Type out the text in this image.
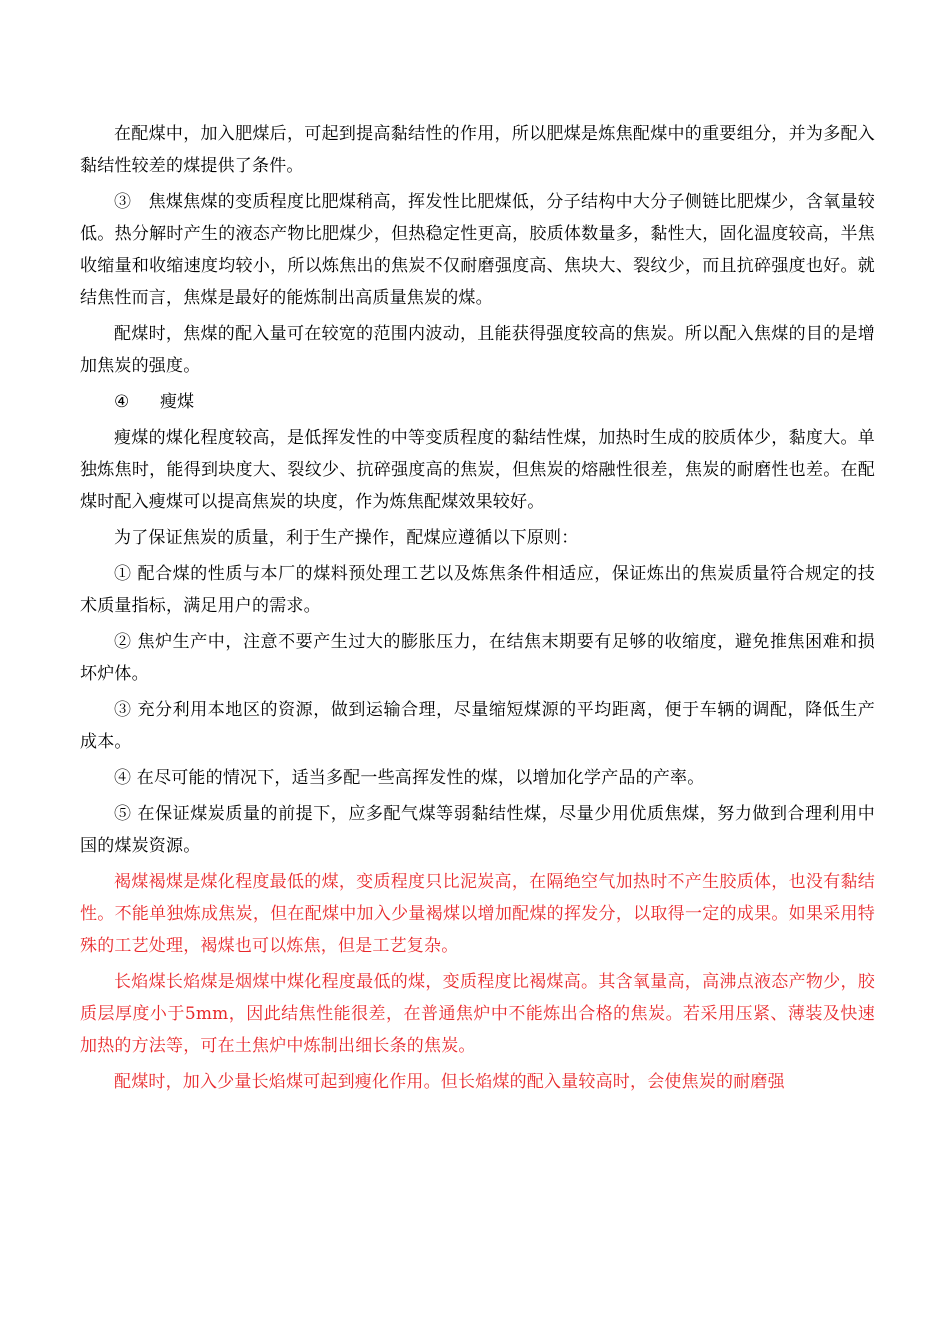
在配煤中，加入肥煤后，可起到提高黏结性的作用，所以肥煤是炼焦配煤中的重要组分，并为多配入黏结性较差的煤提供了条件。

③　焦煤焦煤的变质程度比肥煤稍高，挥发性比肥煤低，分子结构中大分子侧链比肥煤少，含氧量较低。热分解时产生的液态产物比肥煤少，但热稳定性更高，胶质体数量多，黏性大，固化温度较高，半焦收缩量和收缩速度均较小，所以炼焦出的焦炭不仅耐磨强度高、焦块大、裂纹少，而且抗碎强度也好。就结焦性而言，焦煤是最好的能炼制出高质量焦炭的煤。

配煤时，焦煤的配入量可在较宽的范围内波动，且能获得强度较高的焦炭。所以配入焦煤的目的是增加焦炭的强度。

④ 瘦煤

瘦煤的煤化程度较高，是低挥发性的中等变质程度的黏结性煤，加热时生成的胶质体少，黏度大。单独炼焦时，能得到块度大、裂纹少、抗碎强度高的焦炭，但焦炭的熔融性很差，焦炭的耐磨性也差。在配煤时配入瘦煤可以提高焦炭的块度，作为炼焦配煤效果较好。

为了保证焦炭的质量，利于生产操作，配煤应遵循以下原则：

① 配合煤的性质与本厂的煤料预处理工艺以及炼焦条件相适应，保证炼出的焦炭质量符合规定的技术质量指标，满足用户的需求。

② 焦炉生产中，注意不要产生过大的膨胀压力，在结焦末期要有足够的收缩度，避免推焦困难和损坏炉体。

③ 充分利用本地区的资源，做到运输合理，尽量缩短煤源的平均距离，便于车辆的调配，降低生产成本。

④ 在尽可能的情况下，适当多配一些高挥发性的煤，以增加化学产品的产率。

⑤ 在保证煤炭质量的前提下，应多配气煤等弱黏结性煤，尽量少用优质焦煤，努力做到合理利用中国的煤炭资源。

褐煤褐煤是煤化程度最低的煤，变质程度只比泥炭高，在隔绝空气加热时不产生胶质体，也没有黏结性。不能单独炼成焦炭，但在配煤中加入少量褐煤以增加配煤的挥发分，以取得一定的成果。如果采用特殊的工艺处理，褐煤也可以炼焦，但是工艺复杂。

长焰煤长焰煤是烟煤中煤化程度最低的煤，变质程度比褐煤高。其含氧量高，高沸点液态产物少，胶质层厚度小于5mm，因此结焦性能很差，在普通焦炉中不能炼出合格的焦炭。若采用压紧、薄装及快速加热的方法等，可在土焦炉中炼制出细长条的焦炭。

配煤时，加入少量长焰煤可起到瘦化作用。但长焰煤的配入量较高时，会使焦炭的耐磨强
